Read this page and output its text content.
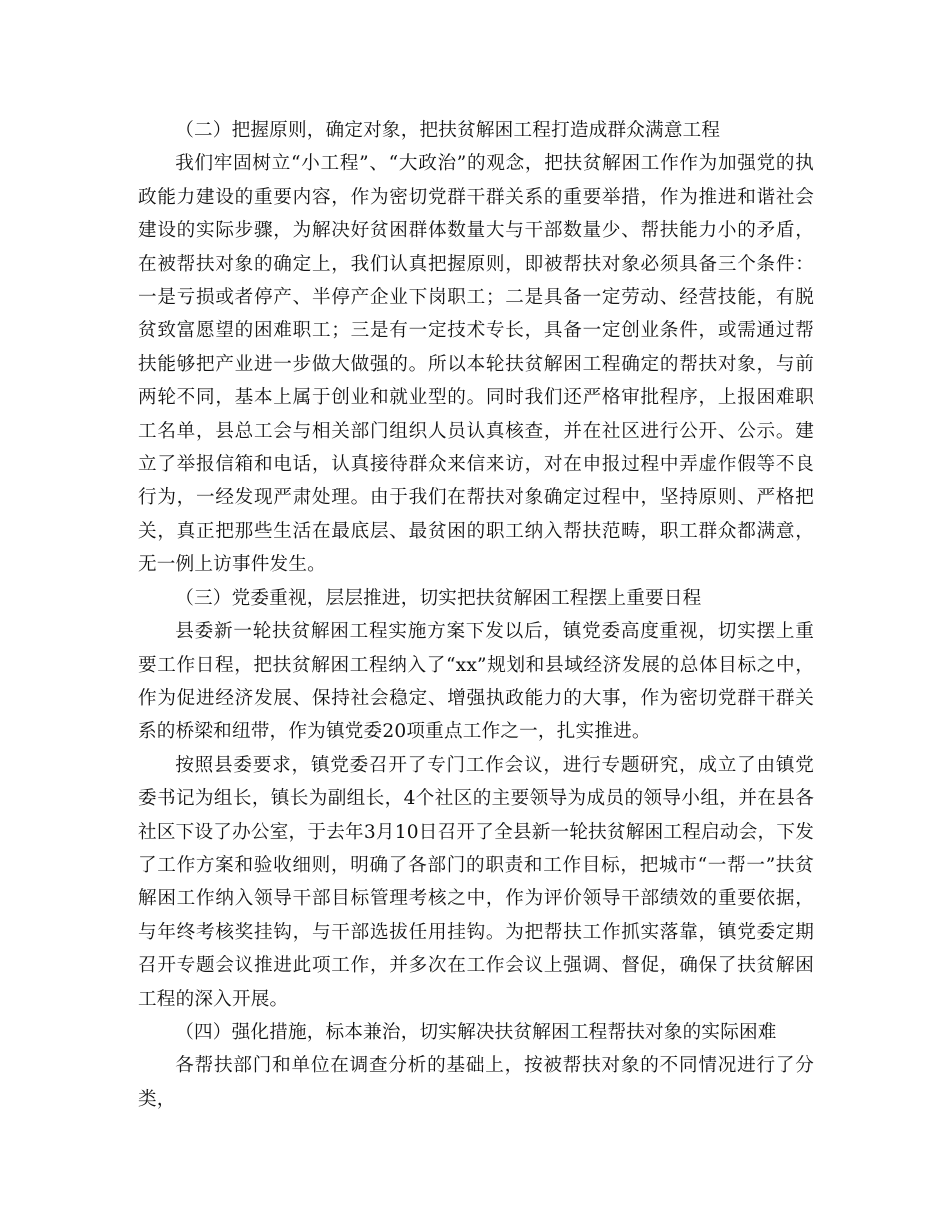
（二）把握原则，确定对象，把扶贫解困工程打造成群众满意工程

我们牢固树立“小工程”、“大政治”的观念，把扶贫解困工作作为加强党的执政能力建设的重要内容，作为密切党群干群关系的重要举措，作为推进和谐社会建设的实际步骤，为解决好贫困群体数量大与干部数量少、帮扶能力小的矛盾，在被帮扶对象的确定上，我们认真把握原则，即被帮扶对象必须具备三个条件：一是亏损或者停产、半停产企业下岗职工；二是具备一定劳动、经营技能，有脱贫致富愿望的困难职工；三是有一定技术专长，具备一定创业条件，或需通过帮扶能够把产业进一步做大做强的。所以本轮扶贫解困工程确定的帮扶对象，与前两轮不同，基本上属于创业和就业型的。同时我们还严格审批程序，上报困难职工名单，县总工会与相关部门组织人员认真核查，并在社区进行公开、公示。建立了举报信箱和电话，认真接待群众来信来访，对在申报过程中弄虚作假等不良行为，一经发现严肃处理。由于我们在帮扶对象确定过程中，坚持原则、严格把关，真正把那些生活在最底层、最贫困的职工纳入帮扶范畴，职工群众都满意，无一例上访事件发生。

（三）党委重视，层层推进，切实把扶贫解困工程摆上重要日程

县委新一轮扶贫解困工程实施方案下发以后，镇党委高度重视，切实摆上重要工作日程，把扶贫解困工程纳入了“xx”规划和县域经济发展的总体目标之中，作为促进经济发展、保持社会稳定、增强执政能力的大事，作为密切党群干群关系的桥梁和纽带，作为镇党委20项重点工作之一，扎实推进。

按照县委要求，镇党委召开了专门工作会议，进行专题研究，成立了由镇党委书记为组长，镇长为副组长，4个社区的主要领导为成员的领导小组，并在县各社区下设了办公室，于去年3月10日召开了全县新一轮扶贫解困工程启动会，下发了工作方案和验收细则，明确了各部门的职责和工作目标，把城市“一帮一”扶贫解困工作纳入领导干部目标管理考核之中，作为评价领导干部绩效的重要依据，与年终考核奖挂钩，与干部选拔任用挂钩。为把帮扶工作抓实落靠，镇党委定期召开专题会议推进此项工作，并多次在工作会议上强调、督促，确保了扶贫解困工程的深入开展。

（四）强化措施，标本兼治，切实解决扶贫解困工程帮扶对象的实际困难

各帮扶部门和单位在调查分析的基础上，按被帮扶对象的不同情况进行了分类，
